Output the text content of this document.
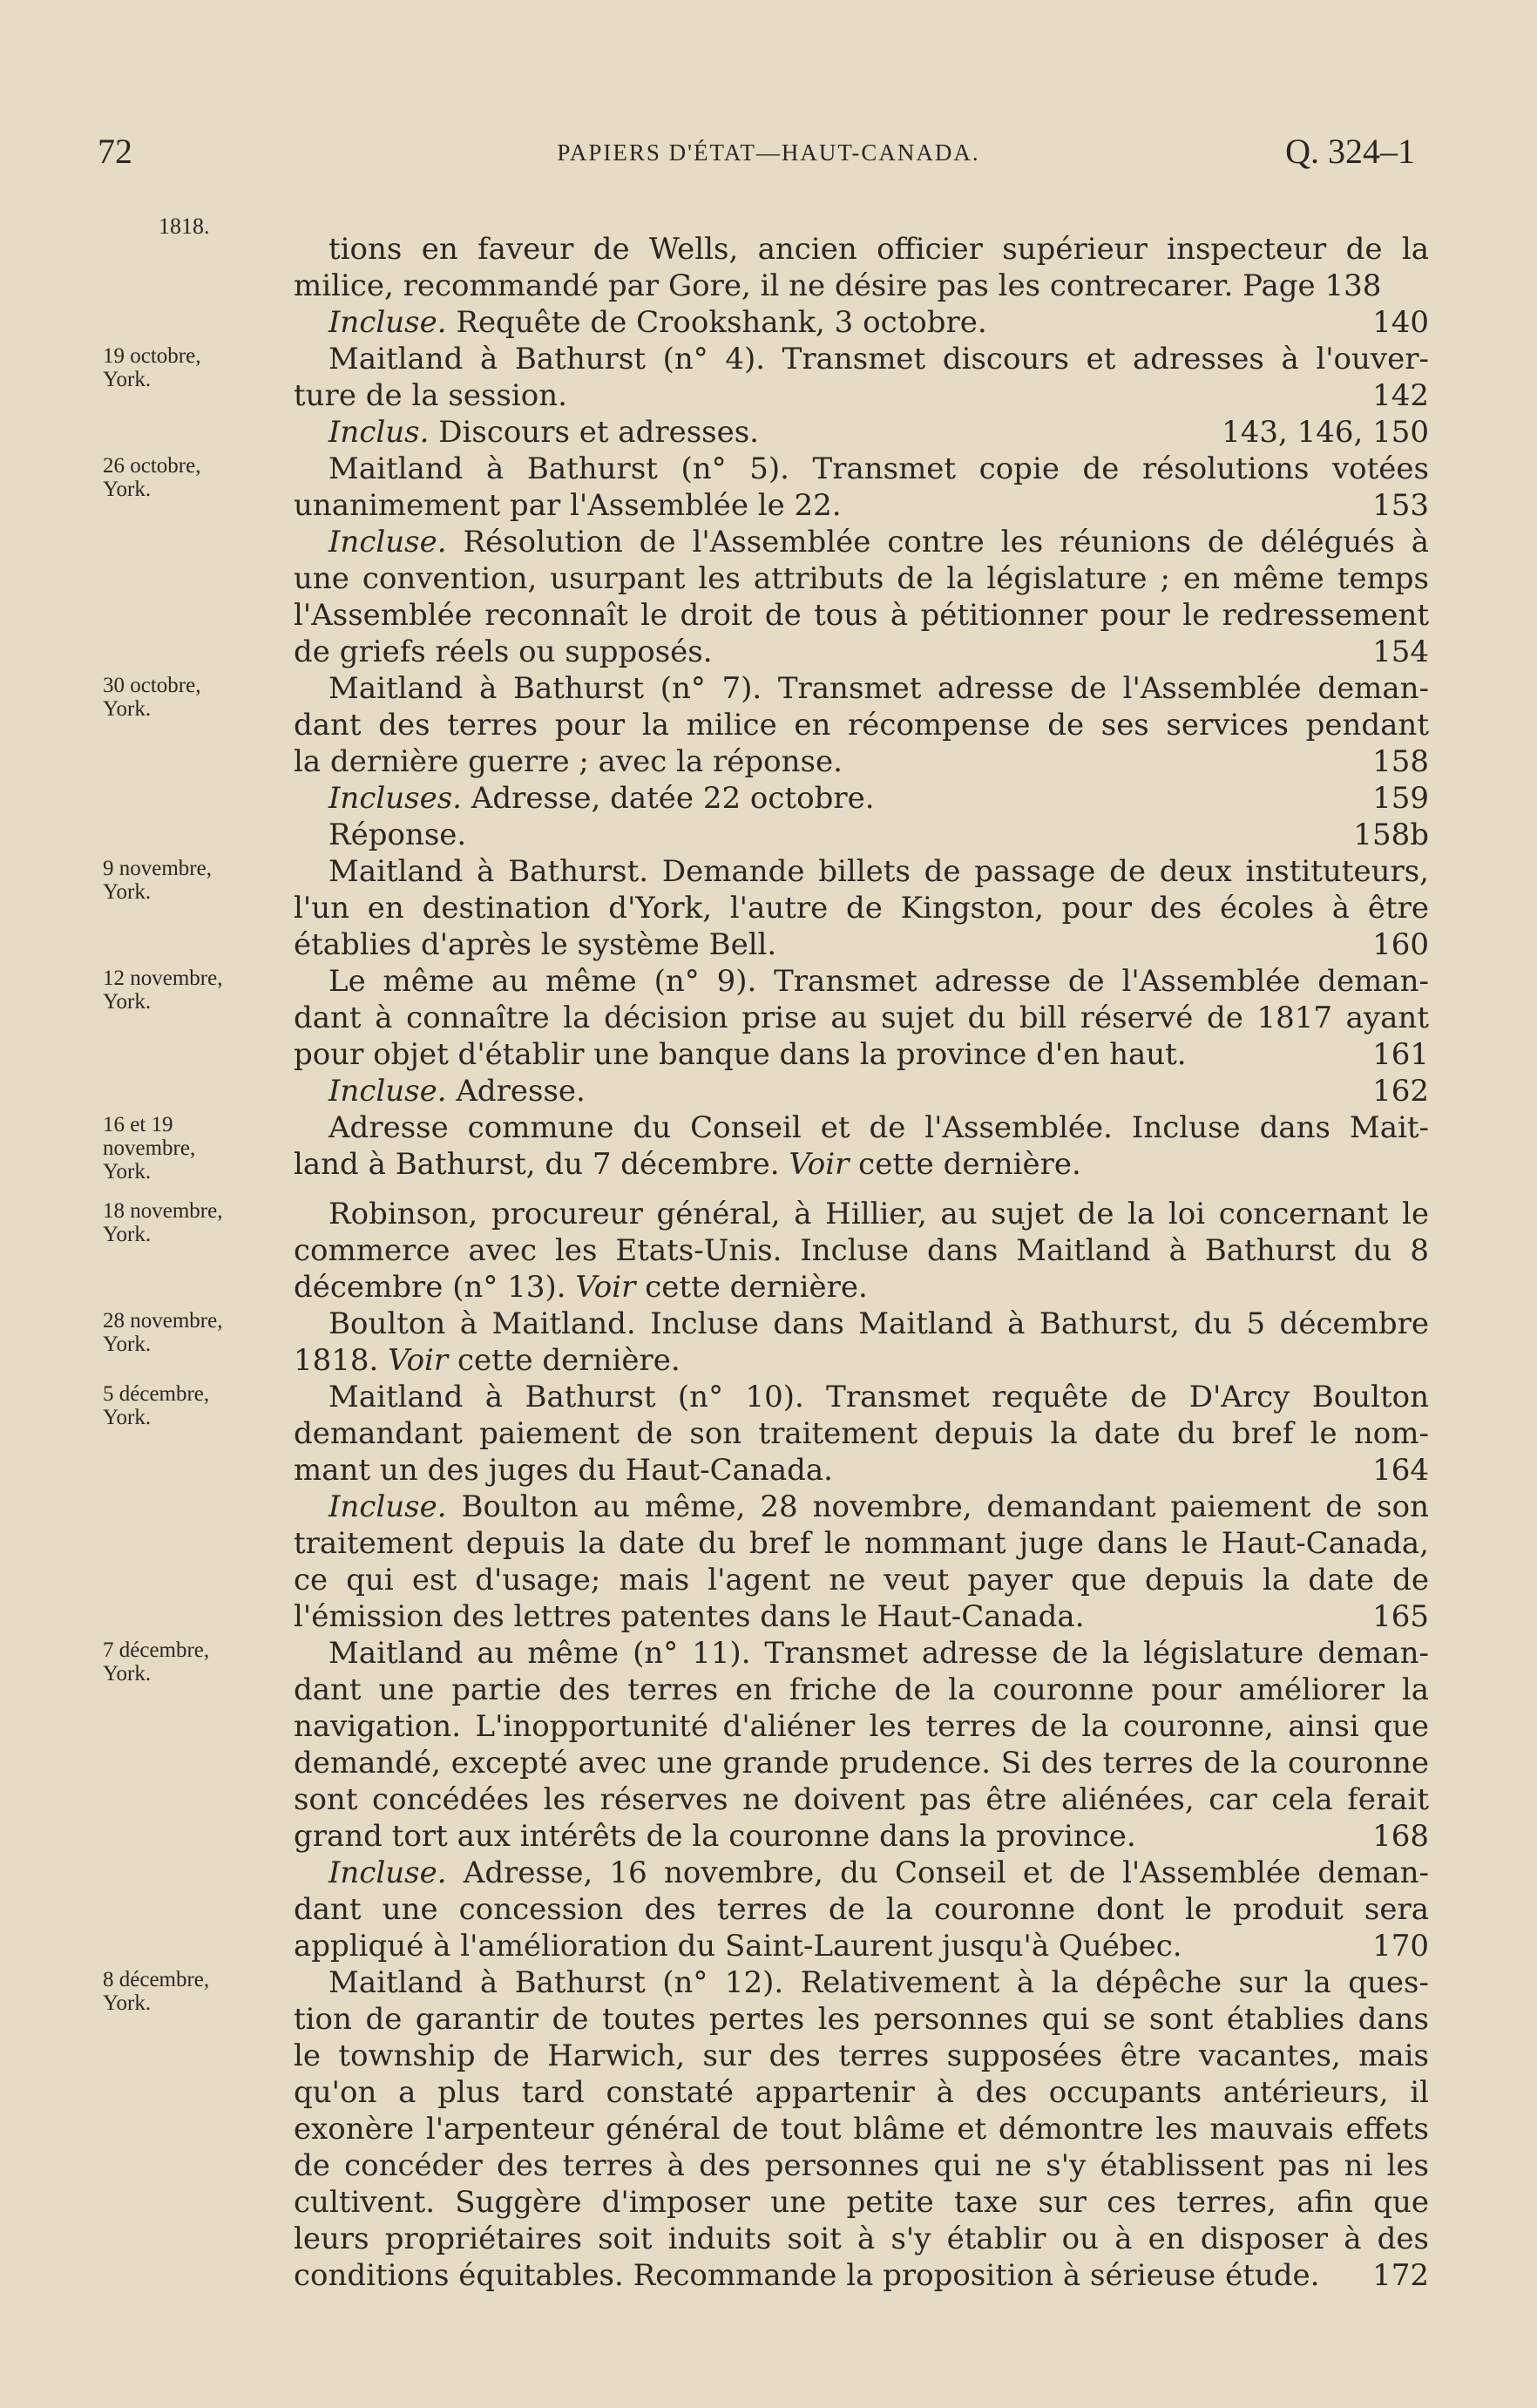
72	PAPIERS D'ÉTAT—HAUT-CANADA.	Q. 324–1
1818.
tions en faveur de Wells, ancien officier supérieur inspecteur de la
milice, recommandé par Gore, il ne désire pas les contrecarer. Page 138
140
Incluse. Requête de Crookshank, 3 octobre.
19 octobre,
York.
Maitland à Bathurst (n° 4). Transmet discours et adresses à l'ouver-
142
ture de la session.
143, 146, 150
Inclus. Discours et adresses.
26 octobre,
York.
Maitland à Bathurst (n° 5). Transmet copie de résolutions votées
153
unanimement par l'Assemblée le 22.
Incluse. Résolution de l'Assemblée contre les réunions de délégués à
une convention, usurpant les attributs de la législature ; en même temps
l'Assemblée reconnaît le droit de tous à pétitionner pour le redressement
154
de griefs réels ou supposés.
30 octobre,
York.
Maitland à Bathurst (n° 7). Transmet adresse de l'Assemblée deman-
dant des terres pour la milice en récompense de ses services pendant
158
la dernière guerre ; avec la réponse.
159
Incluses. Adresse, datée 22 octobre.
158b
Réponse.
9 novembre,
York.
Maitland à Bathurst. Demande billets de passage de deux instituteurs,
l'un en destination d'York, l'autre de Kingston, pour des écoles à être
160
établies d'après le système Bell.
12 novembre,
York.
Le même au même (n° 9). Transmet adresse de l'Assemblée deman-
dant à connaître la décision prise au sujet du bill réservé de 1817 ayant
161
pour objet d'établir une banque dans la province d'en haut.
162
Incluse. Adresse.
16 et 19
novembre,
York.
Adresse commune du Conseil et de l'Assemblée. Incluse dans Mait-
land à Bathurst, du 7 décembre. Voir cette dernière.
18 novembre,
York.
Robinson, procureur général, à Hillier, au sujet de la loi concernant le
commerce avec les Etats-Unis. Incluse dans Maitland à Bathurst du 8
décembre (n° 13). Voir cette dernière.
28 novembre,
York.
Boulton à Maitland. Incluse dans Maitland à Bathurst, du 5 décembre
1818. Voir cette dernière.
5 décembre,
York.
Maitland à Bathurst (n° 10). Transmet requête de D'Arcy Boulton
demandant paiement de son traitement depuis la date du bref le nom-
164
mant un des juges du Haut-Canada.
Incluse. Boulton au même, 28 novembre, demandant paiement de son
traitement depuis la date du bref le nommant juge dans le Haut-Canada,
ce qui est d'usage; mais l'agent ne veut payer que depuis la date de
165
l'émission des lettres patentes dans le Haut-Canada.
7 décembre,
York.
Maitland au même (n° 11). Transmet adresse de la législature deman-
dant une partie des terres en friche de la couronne pour améliorer la
navigation. L'inopportunité d'aliéner les terres de la couronne, ainsi que
demandé, excepté avec une grande prudence. Si des terres de la couronne
sont concédées les réserves ne doivent pas être aliénées, car cela ferait
168
grand tort aux intérêts de la couronne dans la province.
Incluse. Adresse, 16 novembre, du Conseil et de l'Assemblée deman-
dant une concession des terres de la couronne dont le produit sera
170
appliqué à l'amélioration du Saint-Laurent jusqu'à Québec.
8 décembre,
York.
Maitland à Bathurst (n° 12). Relativement à la dépêche sur la ques-
tion de garantir de toutes pertes les personnes qui se sont établies dans
le township de Harwich, sur des terres supposées être vacantes, mais
qu'on a plus tard constaté appartenir à des occupants antérieurs, il
exonère l'arpenteur général de tout blâme et démontre les mauvais effets
de concéder des terres à des personnes qui ne s'y établissent pas ni les
cultivent. Suggère d'imposer une petite taxe sur ces terres, afin que
leurs propriétaires soit induits soit à s'y établir ou à en disposer à des
172
conditions équitables. Recommande la proposition à sérieuse étude.
